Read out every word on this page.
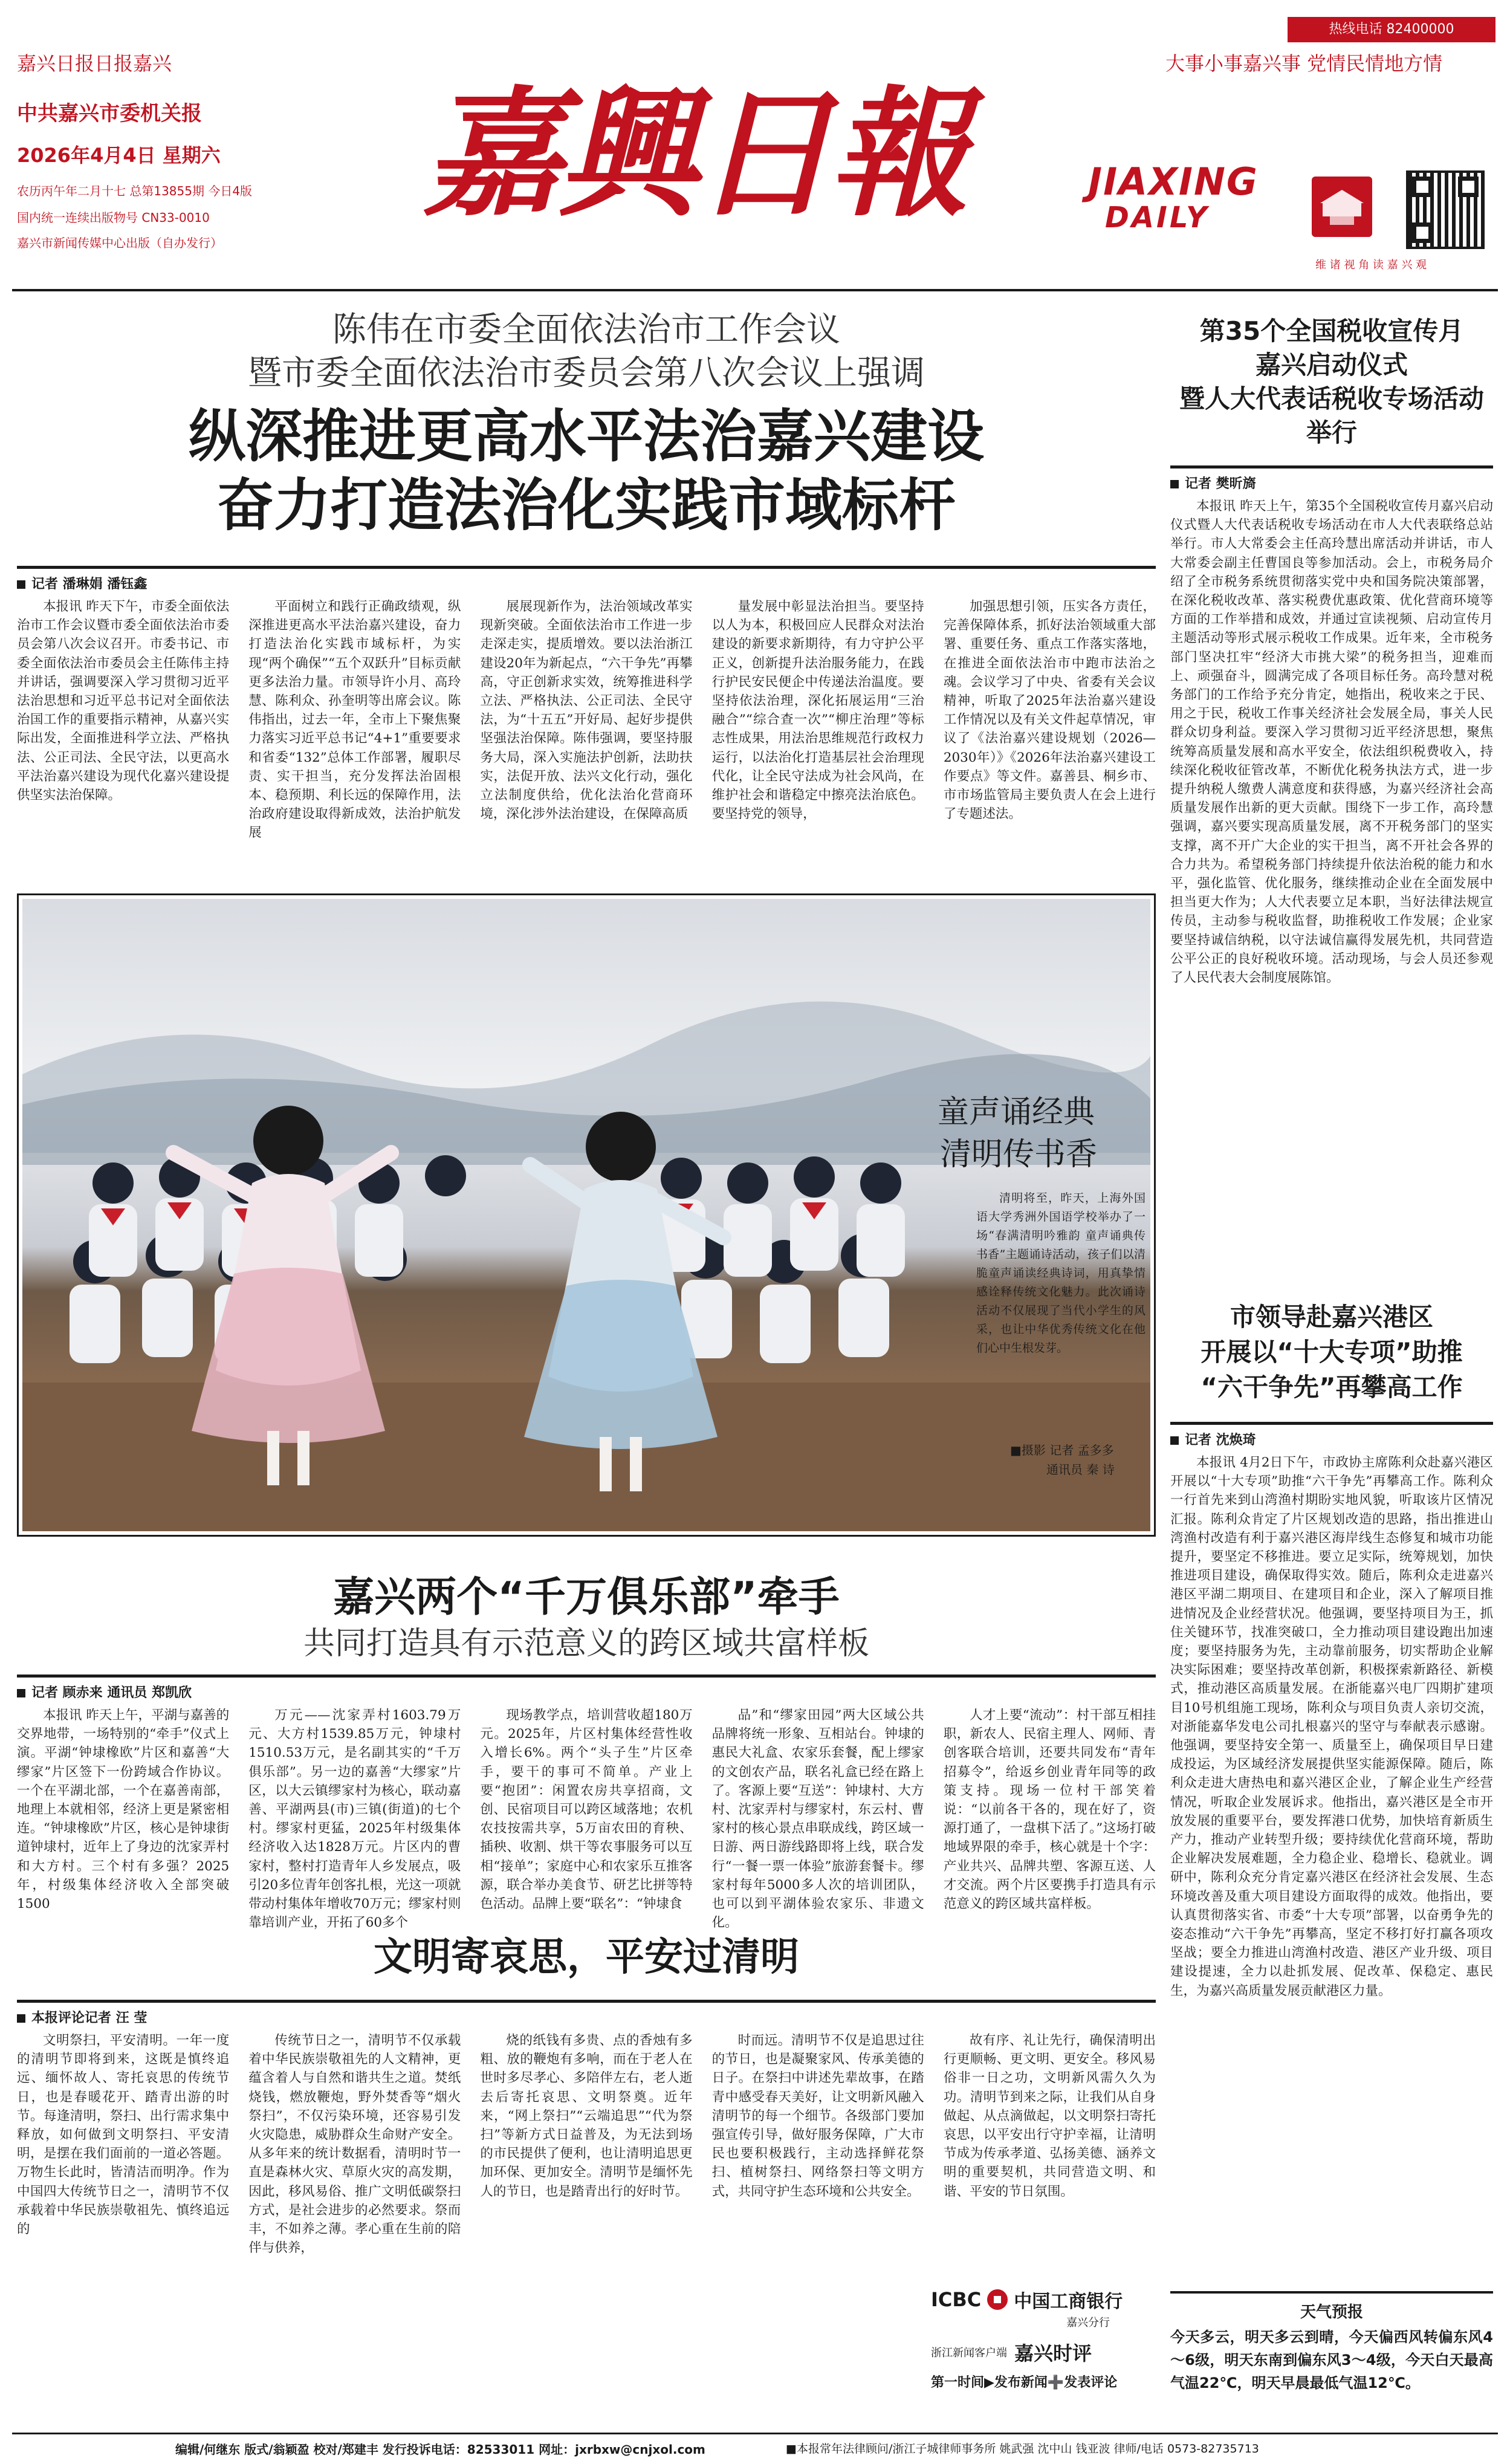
热线电话 82400000
嘉兴日报日报嘉兴
中共嘉兴市委机关报
2026年4月4日 星期六
农历丙午年二月十七 总第13855期 今日4版
国内统一连续出版物号 CN33-0010
嘉兴市新闻传媒中心出版（自办发行）
嘉興日報	JIAXING
DAILY
大事小事嘉兴事 党情民情地方情
维 诸 视 角 读 嘉 兴 观
陈伟在市委全面依法治市工作会议
暨市委全面依法治市委员会第八次会议上强调
纵深推进更高水平法治嘉兴建设
奋力打造法治化实践市域标杆
记者 潘琳娟 潘钰鑫
本报讯 昨天下午，市委全面依法治市工作会议暨市委全面依法治市委员会第八次会议召开。市委书记、市委全面依法治市委员会主任陈伟主持并讲话，强调要深入学习贯彻习近平法治思想和习近平总书记对全面依法治国工作的重要指示精神，从嘉兴实际出发，全面推进科学立法、严格执法、公正司法、全民守法，以更高水平法治嘉兴建设为现代化嘉兴建设提供坚实法治保障。
平面树立和践行正确政绩观，纵深推进更高水平法治嘉兴建设，奋力打造法治化实践市域标杆，为实现“两个确保”“五个双跃升”目标贡献更多法治力量。市领导许小月、高玲慧、陈利众、孙奎明等出席会议。陈伟指出，过去一年，全市上下聚焦聚力落实习近平总书记“4+1”重要要求和省委“132”总体工作部署，履职尽责、实干担当，充分发挥法治固根本、稳预期、利长远的保障作用，法治政府建设取得新成效，法治护航发展
展展现新作为，法治领域改革实现新突破。全面依法治市工作进一步走深走实，提质增效。要以法治浙江建设20年为新起点，“六干争先”再攀高，守正创新求实效，统筹推进科学立法、严格执法、公正司法、全民守法，为“十五五”开好局、起好步提供坚强法治保障。陈伟强调，要坚持服务大局，深入实施法护创新，法助扶实，法促开放、法兴文化行动，强化立法制度供给，优化法治化营商环境，深化涉外法治建设，在保障高质
量发展中彰显法治担当。要坚持以人为本，积极回应人民群众对法治建设的新要求新期待，有力守护公平正义，创新提升法治服务能力，在践行护民安民便企中传递法治温度。要坚持依法治理，深化拓展运用“三治融合”“综合查一次”“柳庄治理”等标志性成果，用法治思维规范行政权力运行，以法治化打造基层社会治理现代化，让全民守法成为社会风尚，在维护社会和谐稳定中擦亮法治底色。要坚持党的领导，
加强思想引领，压实各方责任，完善保障体系，抓好法治领域重大部署、重要任务、重点工作落实落地，在推进全面依法治市中跑市法治之魂。会议学习了中央、省委有关会议精神，听取了2025年法治嘉兴建设工作情况以及有关文件起草情况，审议了《法治嘉兴建设规划（2026—2030年）》《2026年法治嘉兴建设工作要点》等文件。嘉善县、桐乡市、市市场监管局主要负责人在会上进行了专题述法。
童声诵经典
清明传书香
清明将至，昨天，上海外国语大学秀洲外国语学校举办了一场“春满清明吟雅韵 童声诵典传书香”主题诵诗活动，孩子们以清脆童声诵读经典诗词，用真挚情感诠释传统文化魅力。此次诵诗活动不仅展现了当代小学生的风采，也让中华优秀传统文化在他们心中生根发芽。
■摄影 记者 孟多多
通讯员 秦 诗
第35个全国税收宣传月
嘉兴启动仪式
暨人大代表话税收专场活动举行
记者 樊昕旖
本报讯 昨天上午，第35个全国税收宣传月嘉兴启动仪式暨人大代表话税收专场活动在市人大代表联络总站举行。市人大常委会主任高玲慧出席活动并讲话，市人大常委会副主任曹国良等参加活动。会上，市税务局介绍了全市税务系统贯彻落实党中央和国务院决策部署，在深化税收改革、落实税费优惠政策、优化营商环境等方面的工作举措和成效，并通过宣读视频、启动宣传月主题活动等形式展示税收工作成果。近年来，全市税务部门坚决扛牢“经济大市挑大梁”的税务担当，迎难而上、顽强奋斗，圆满完成了各项目标任务。高玲慧对税务部门的工作给予充分肯定，她指出，税收来之于民、用之于民，税收工作事关经济社会发展全局，事关人民群众切身利益。要深入学习贯彻习近平经济思想，聚焦统筹高质量发展和高水平安全，依法组织税费收入，持续深化税收征管改革，不断优化税务执法方式，进一步提升纳税人缴费人满意度和获得感，为嘉兴经济社会高质量发展作出新的更大贡献。围绕下一步工作，高玲慧强调，嘉兴要实现高质量发展，离不开税务部门的坚实支撑，离不开广大企业的实干担当，离不开社会各界的合力共为。希望税务部门持续提升依法治税的能力和水平，强化监管、优化服务，继续推动企业在全面发展中担当更大作为；人大代表要立足本职，当好法律法规宣传员，主动参与税收监督，助推税收工作发展；企业家要坚持诚信纳税，以守法诚信赢得发展先机，共同营造公平公正的良好税收环境。活动现场，与会人员还参观了人民代表大会制度展陈馆。
市领导赴嘉兴港区
开展以“十大专项”助推
“六干争先”再攀高工作
记者 沈焕琦
本报讯 4月2日下午，市政协主席陈利众赴嘉兴港区开展以“十大专项”助推“六干争先”再攀高工作。陈利众一行首先来到山湾渔村期盼实地风貌，听取该片区情况汇报。陈利众肯定了片区规划改造的思路，指出推进山湾渔村改造有利于嘉兴港区海岸线生态修复和城市功能提升，要坚定不移推进。要立足实际，统筹规划，加快推进项目建设，确保取得实效。随后，陈利众走进嘉兴港区平湖二期项目、在建项目和企业，深入了解项目推进情况及企业经营状况。他强调，要坚持项目为王，抓住关键环节，找准突破口，全力推动项目建设跑出加速度；要坚持服务为先，主动靠前服务，切实帮助企业解决实际困难；要坚持改革创新，积极探索新路径、新模式，推动港区高质量发展。在浙能嘉兴电厂四期扩建项目10号机组施工现场，陈利众与项目负责人亲切交流，对浙能嘉华发电公司扎根嘉兴的坚守与奉献表示感谢。他强调，要坚持安全第一、质量至上，确保项目早日建成投运，为区域经济发展提供坚实能源保障。随后，陈利众走进大唐热电和嘉兴港区企业，了解企业生产经营情况，听取企业发展诉求。他指出，嘉兴港区是全市开放发展的重要平台，要发挥港口优势，加快培育新质生产力，推动产业转型升级；要持续优化营商环境，帮助企业解决发展难题，全力稳企业、稳增长、稳就业。调研中，陈利众充分肯定嘉兴港区在经济社会发展、生态环境改善及重大项目建设方面取得的成效。他指出，要认真贯彻落实省、市委“十大专项”部署，以奋勇争先的姿态推动“六干争先”再攀高，坚定不移打好打赢各项攻坚战；要全力推进山湾渔村改造、港区产业升级、项目建设提速，全力以赴抓发展、促改革、保稳定、惠民生，为嘉兴高质量发展贡献港区力量。
嘉兴两个“千万俱乐部”牵手
共同打造具有示范意义的跨区域共富样板
记者 顾赤来 通讯员 郑凯欣
本报讯 昨天上午，平湖与嘉善的交界地带，一场特别的“牵手”仪式上演。平湖“钟埭橡欧”片区和嘉善“大缪家”片区签下一份跨域合作协议。一个在平湖北部，一个在嘉善南部，地理上本就相邻，经济上更是紧密相连。“钟埭橡欧”片区，核心是钟埭街道钟埭村，近年上了身边的沈家弄村和大方村。三个村有多强？2025年，村级集体经济收入全部突破1500
万元——沈家弄村1603.79万元、大方村1539.85万元，钟埭村1510.53万元，是名副其实的“千万俱乐部”。另一边的嘉善“大缪家”片区，以大云镇缪家村为核心，联动嘉善、平湖两县(市)三镇(街道)的七个村。缪家村更猛，2025年村级集体经济收入达1828万元。片区内的曹家村，整村打造青年人乡发展点，吸引20多位青年创客扎根，光这一项就带动村集体年增收70万元；缪家村则靠培训产业，开拓了60多个
现场教学点，培训营收超180万元。2025年，片区村集体经营性收入增长6%。两个“头子生”片区牵手，要干的事可不简单。产业上要“抱团”：闲置农房共享招商，文创、民宿项目可以跨区域落地；农机农技按需共享，5万亩农田的育秧、插秧、收割、烘干等农事服务可以互相“接单”；家庭中心和农家乐互推客源，联合举办美食节、研艺比拼等特色活动。品牌上要“联名”：“钟埭食
品”和“缪家田园”两大区域公共品牌将统一形象、互相站台。钟埭的惠民大礼盒、农家乐套餐，配上缪家的文创农产品，联名礼盒已经在路上了。客源上要“互送”：钟埭村、大方村、沈家弄村与缪家村，东云村、曹家村的核心景点串联成线，跨区域一日游、两日游线路即将上线，联合发行“一餐一票一体验”旅游套餐卡。缪家村每年5000多人次的培训团队，也可以到平湖体验农家乐、非遗文化。
人才上要“流动”：村干部互相挂职，新农人、民宿主理人、网师、青创客联合培训，还要共同发布“青年招募令”，给返乡创业青年同等的政策支持。现场一位村干部笑着说：“以前各干各的，现在好了，资源打通了，一盘棋下活了。”这场打破地域界限的牵手，核心就是十个字：产业共兴、品牌共塑、客源互送、人才交流。两个片区要携手打造具有示范意义的跨区域共富样板。
文明寄哀思，平安过清明
本报评论记者 汪 莹
文明祭扫，平安清明。一年一度的清明节即将到来，这既是慎终追远、缅怀故人、寄托哀思的传统节日，也是春暖花开、踏青出游的时节。每逢清明，祭扫、出行需求集中释放，如何做到文明祭扫、平安清明，是摆在我们面前的一道必答题。万物生长此时，皆清洁而明净。作为中国四大传统节日之一，清明节不仅承载着中华民族崇敬祖先、慎终追远的
传统节日之一，清明节不仅承载着中华民族崇敬祖先的人文精神，更蕴含着人与自然和谐共生之道。焚纸烧钱，燃放鞭炮，野外焚香等“烟火祭扫”，不仅污染环境，还容易引发火灾隐患，威胁群众生命财产安全。从多年来的统计数据看，清明时节一直是森林火灾、草原火灾的高发期，因此，移风易俗、推广文明低碳祭扫方式，是社会进步的必然要求。祭而丰，不如养之薄。孝心重在生前的陪伴与供养，
烧的纸钱有多贵、点的香烛有多粗、放的鞭炮有多响，而在于老人在世时多尽孝心、多陪伴左右，老人逝去后寄托哀思、文明祭奠。近年来，“网上祭扫”“云端追思”“代为祭扫”等新方式日益普及，为无法到场的市民提供了便利，也让清明追思更加环保、更加安全。清明节是缅怀先人的节日，也是踏青出行的好时节。
时而远。清明节不仅是追思过往的节日，也是凝聚家风、传承美德的日子。在祭扫中讲述先辈故事，在踏青中感受春天美好，让文明新风融入清明节的每一个细节。各级部门要加强宣传引导，做好服务保障，广大市民也要积极践行，主动选择鲜花祭扫、植树祭扫、网络祭扫等文明方式，共同守护生态环境和公共安全。
故有序、礼让先行，确保清明出行更顺畅、更文明、更安全。移风易俗非一日之功，文明新风需久久为功。清明节到来之际，让我们从自身做起、从点滴做起，以文明祭扫寄托哀思，以平安出行守护幸福，让清明节成为传承孝道、弘扬美德、涵养文明的重要契机，共同营造文明、和谐、平安的节日氛围。
ICBC 中国工商银行
嘉兴分行
浙江新闻客户端 嘉兴时评
第一时间▶发布新闻➕发表评论
天气预报
今天多云，明天多云到晴，今天偏西风转偏东风4～6级，明天东南到偏东风3～4级，今天白天最高气温22℃，明天早晨最低气温12℃。
编辑/何继东 版式/翁颖盈 校对/郑建丰 发行投诉电话：82533011 网址：jxrbxw@cnjxol.com	■本报常年法律顾问/浙江子城律师事务所 姚武强 沈中山 钱亚波 律师/电话 0573-82735713
